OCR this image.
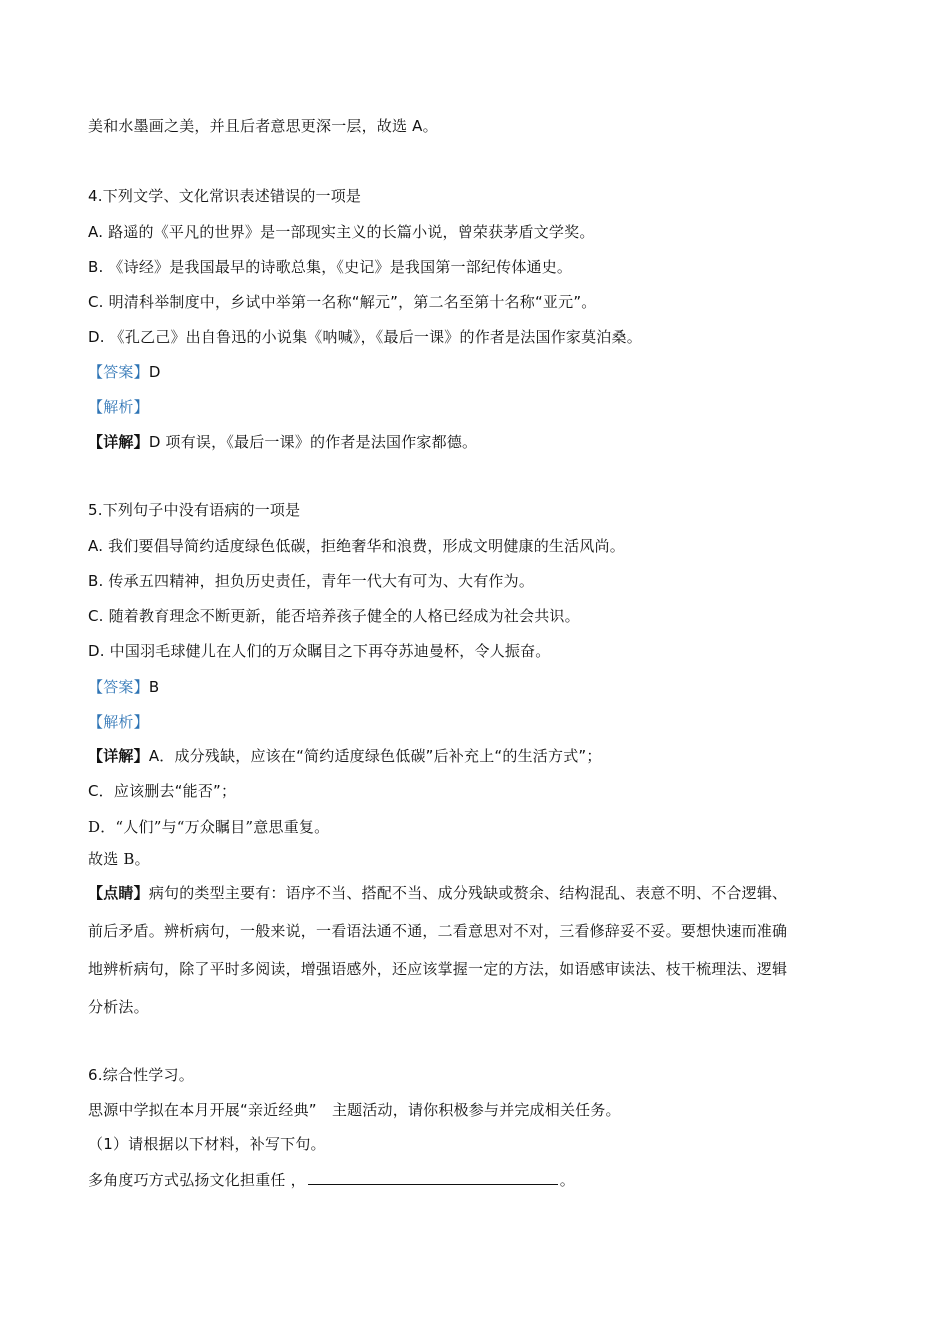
美和水墨画之美，并且后者意思更深一层，故选 A。
4.下列文学、文化常识表述错误的一项是
A. 路遥的《平凡的世界》是一部现实主义的长篇小说，曾荣获茅盾文学奖。
B. 《诗经》是我国最早的诗歌总集，《史记》是我国第一部纪传体通史。
C. 明清科举制度中，乡试中举第一名称“解元”，第二名至第十名称“亚元”。
D. 《孔乙己》出自鲁迅的小说集《呐喊》，《最后一课》的作者是法国作家莫泊桑。
【答案】D
【解析】
【详解】D 项有误，《最后一课》的作者是法国作家都德。
5.下列句子中没有语病的一项是
A. 我们要倡导简约适度绿色低碳，拒绝奢华和浪费，形成文明健康的生活风尚。
B. 传承五四精神，担负历史责任，青年一代大有可为、大有作为。
C. 随着教育理念不断更新，能否培养孩子健全的人格已经成为社会共识。
D. 中国羽毛球健儿在人们的万众瞩目之下再夺苏迪曼杯，令人振奋。
【答案】B
【解析】
【详解】A．成分残缺，应该在“简约适度绿色低碳”后补充上“的生活方式”；
C．应该删去“能否”；
D．“人们”与“万众瞩目”意思重复。
故选 B。
【点睛】病句的类型主要有：语序不当、搭配不当、成分残缺或赘余、结构混乱、表意不明、不合逻辑、
前后矛盾。辨析病句，一般来说，一看语法通不通，二看意思对不对，三看修辞妥不妥。要想快速而准确
地辨析病句，除了平时多阅读，增强语感外，还应该掌握一定的方法，如语感审读法、枝干梳理法、逻辑
分析法。
6.综合性学习。
思源中学拟在本月开展“亲近经典”　主题活动，请你积极参与并完成相关任务。
（1）请根据以下材料，补写下句。
多角度巧方式弘扬文化担重任 ，	。
